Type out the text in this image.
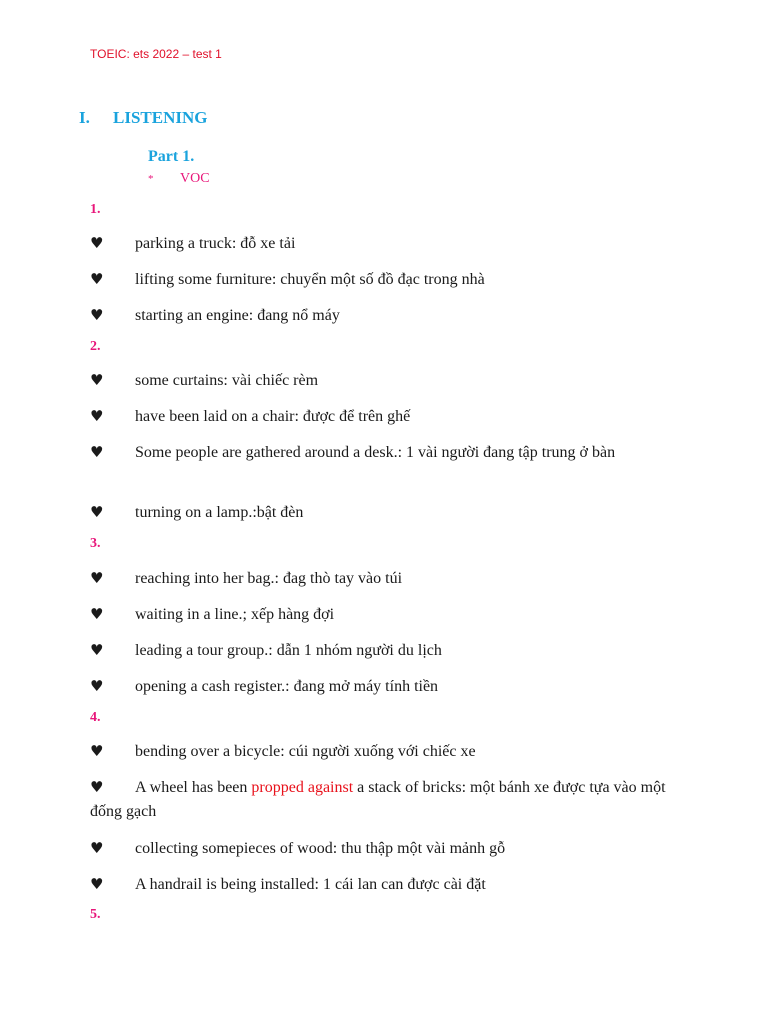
TOEIC: ets 2022 – test 1
I.	LISTENING
Part 1.
*	VOC
1.
♥ parking a truck: đỗ xe tải
♥ lifting some furniture: chuyển một số đồ đạc trong nhà
♥ starting an engine: đang nổ máy
2.
♥ some curtains: vài chiếc rèm
♥ have been laid on a chair: được để trên ghế
♥ Some people are gathered around a desk.: 1 vài người đang tập trung ở bàn
♥ turning on a lamp.:bật đèn
3.
♥ reaching into her bag.: đag thò tay vào túi
♥ waiting in a line.; xếp hàng đợi
♥ leading a tour group.: dẫn 1 nhóm người du lịch
♥ opening a cash register.: đang mở máy tính tiền
4.
♥ bending over a bicycle: cúi người xuống với chiếc xe
♥ A wheel has been propped against a stack of bricks: một bánh xe được tựa vào một đống gạch
♥ collecting somepieces of wood: thu thập một vài mảnh gỗ
♥ A handrail is being installed: 1 cái lan can được cài đặt
5.
